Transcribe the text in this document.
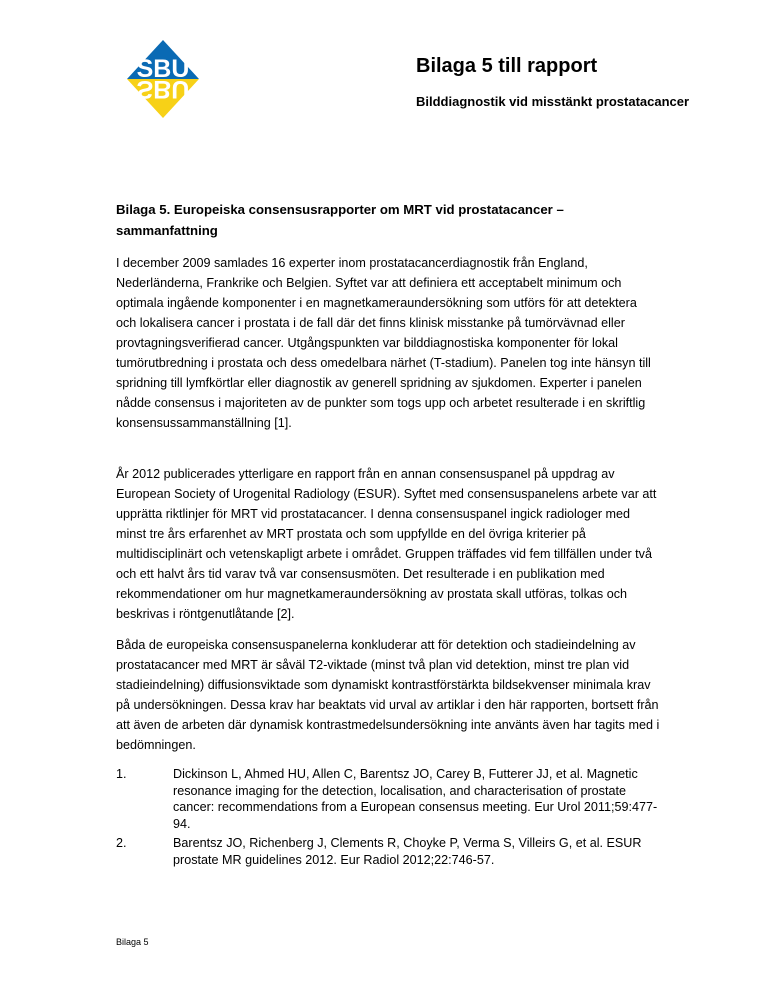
SBU
SBU
Bilaga 5 till rapport
Bilddiagnostik vid misstänkt prostatacancer
Bilaga 5. Europeiska consensusrapporter om MRT vid prostatacancer – sammanfattning

I december 2009 samlades 16 experter inom prostatacancerdiagnostik från England, Nederländerna, Frankrike och Belgien. Syftet var att definiera ett acceptabelt minimum och optimala ingående komponenter i en magnetkameraundersökning som utförs för att detektera och lokalisera cancer i prostata i de fall där det finns klinisk misstanke på tumörvävnad eller provtagningsverifierad cancer. Utgångspunkten var bilddiagnostiska komponenter för lokal tumörutbredning i prostata och dess omedelbara närhet (T-stadium). Panelen tog inte hänsyn till spridning till lymfkörtlar eller diagnostik av generell spridning av sjukdomen. Experter i panelen nådde consensus i majoriteten av de punkter som togs upp och arbetet resulterade i en skriftlig konsensussammanställning [1].

År 2012 publicerades ytterligare en rapport från en annan consensuspanel på uppdrag av European Society of Urogenital Radiology (ESUR). Syftet med consensuspanelens arbete var att upprätta riktlinjer för MRT vid prostatacancer. I denna consensuspanel ingick radiologer med minst tre års erfarenhet av MRT prostata och som uppfyllde en del övriga kriterier på multidisciplinärt och vetenskapligt arbete i området. Gruppen träffades vid fem tillfällen under två och ett halvt års tid varav två var consensusmöten. Det resulterade i en publikation med rekommendationer om hur magnetkameraundersökning av prostata skall utföras, tolkas och beskrivas i röntgenutlåtande [2].

Båda de europeiska consensuspanelerna konkluderar att för detektion och stadieindelning av prostatacancer med MRT är såväl T2-viktade (minst två plan vid detektion, minst tre plan vid stadieindelning) diffusionsviktade som dynamiskt kontrastförstärkta bildsekvenser minimala krav på undersökningen. Dessa krav har beaktats vid urval av artiklar i den här rapporten, bortsett från att även de arbeten där dynamisk kontrastmedelsundersökning inte använts även har tagits med i bedömningen.

1.	Dickinson L, Ahmed HU, Allen C, Barentsz JO, Carey B, Futterer JJ, et al. Magnetic resonance imaging for the detection, localisation, and characterisation of prostate cancer: recommendations from a European consensus meeting. Eur Urol 2011;59:477-94.
2.	Barentsz JO, Richenberg J, Clements R, Choyke P, Verma S, Villeirs G, et al. ESUR prostate MR guidelines 2012. Eur Radiol 2012;22:746-57.
Bilaga 5
